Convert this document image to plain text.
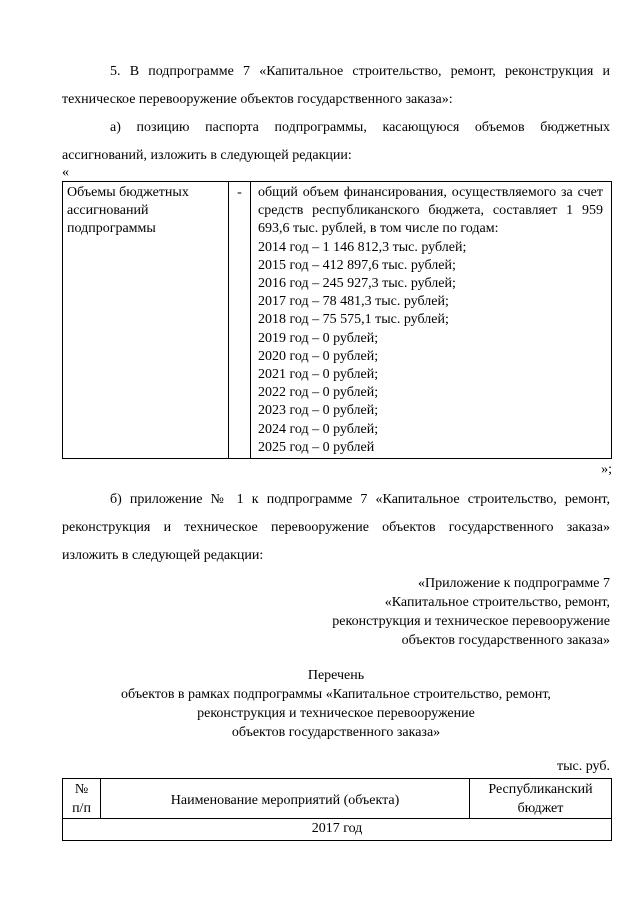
5. В подпрограмме 7 «Капитальное строительство, ремонт, реконструкция и
техническое перевооружение объектов государственного заказа»:
а) позицию паспорта подпрограммы, касающуюся объемов бюджетных
ассигнований, изложить в следующей редакции:
«
Объемы бюджетных
ассигнований
подпрограммы
-	общий объем финансирования, осуществляемого за счет средств республиканского бюджета, составляет 1 959 693,6 тыс. рублей, в том числе по годам:
2014 год – 1 146 812,3 тыс. рублей;
2015 год – 412 897,6 тыс. рублей;
2016 год – 245 927,3 тыс. рублей;
2017 год – 78 481,3 тыс. рублей;
2018 год – 75 575,1 тыс. рублей;
2019 год – 0 рублей;
2020 год – 0 рублей;
2021 год – 0 рублей;
2022 год – 0 рублей;
2023 год – 0 рублей;
2024 год – 0 рублей;
2025 год – 0 рублей
»;
б) приложение № 1 к подпрограмме 7 «Капитальное строительство, ремонт,
реконструкция и техническое перевооружение объектов государственного заказа»
изложить в следующей редакции:
«Приложение к подпрограмме 7
«Капитальное строительство, ремонт,
реконструкция и техническое перевооружение
объектов государственного заказа»
Перечень
объектов в рамках подпрограммы «Капитальное строительство, ремонт,
реконструкция и техническое перевооружение
объектов государственного заказа»
тыс. руб.
№
п/п
Наименование мероприятий (объекта)
Республиканский
бюджет
2017 год
